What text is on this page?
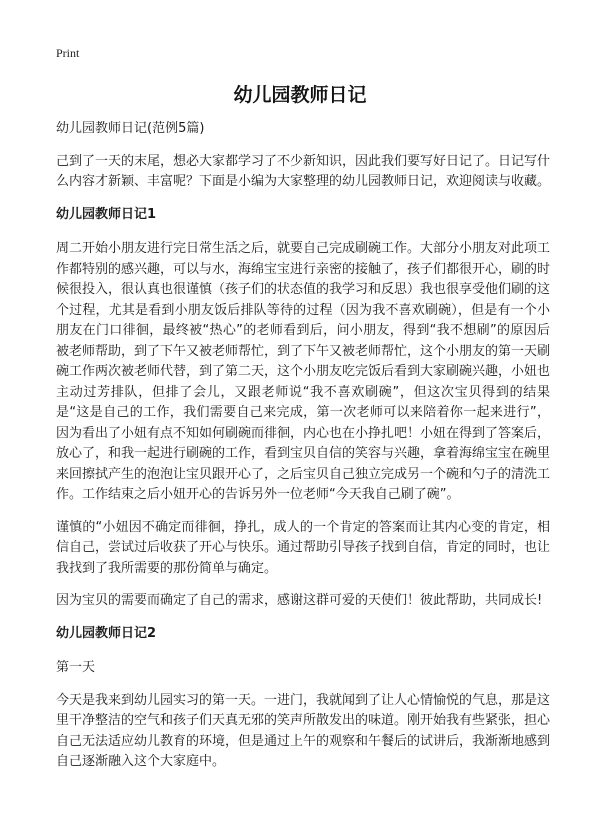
Print
幼儿园教师日记

幼儿园教师日记(范例5篇)

己到了一天的末尾，想必大家都学习了不少新知识，因此我们要写好日记了。日记写什么内容才新颖、丰富呢？下面是小编为大家整理的幼儿园教师日记，欢迎阅读与收藏。

幼儿园教师日记1

周二开始小朋友进行完日常生活之后，就要自己完成刷碗工作。大部分小朋友对此项工作都特别的感兴趣，可以与水，海绵宝宝进行亲密的接触了，孩子们都很开心，刷的时候很投入，很认真也很谨慎（孩子们的状态值的我学习和反思）我也很享受他们刷的这个过程，尤其是看到小朋友饭后排队等待的过程（因为我不喜欢刷碗），但是有一个小朋友在门口徘徊，最终被“热心”的老师看到后，问小朋友，得到“我不想刷”的原因后被老师帮助，到了下午又被老师帮忙，到了下午又被老师帮忙，这个小朋友的第一天刷碗工作两次被老师代替，到了第二天，这个小朋友吃完饭后看到大家刷碗兴趣，小妞也主动过芳排队，但排了会儿，又跟老师说“我不喜欢刷碗”，但这次宝贝得到的结果是“这是自己的工作，我们需要自己来完成，第一次老师可以来陪着你一起来进行”，因为看出了小妞有点不知如何刷碗而徘徊，内心也在小挣扎吧！小妞在得到了答案后，放心了，和我一起进行刷碗的工作，看到宝贝自信的笑容与兴趣，拿着海绵宝宝在碗里来回擦拭产生的泡泡让宝贝跟开心了，之后宝贝自己独立完成另一个碗和勺子的清洗工作。工作结束之后小妞开心的告诉另外一位老师“今天我自己刷了碗”。

谨慎的“小妞因不确定而徘徊，挣扎，成人的一个肯定的答案而让其内心变的肯定，相信自己，尝试过后收获了开心与快乐。通过帮助引导孩子找到自信，肯定的同时，也让我找到了我所需要的那份简单与确定。

因为宝贝的需要而确定了自己的需求，感谢这群可爱的天使们！彼此帮助，共同成长!

幼儿园教师日记2

第一天

今天是我来到幼儿园实习的第一天。一进门，我就闻到了让人心情愉悦的气息，那是这里干净整洁的空气和孩子们天真无邪的笑声所散发出的味道。刚开始我有些紧张，担心自己无法适应幼儿教育的环境，但是通过上午的观察和午餐后的试讲后，我渐渐地感到自己逐渐融入这个大家庭中。
